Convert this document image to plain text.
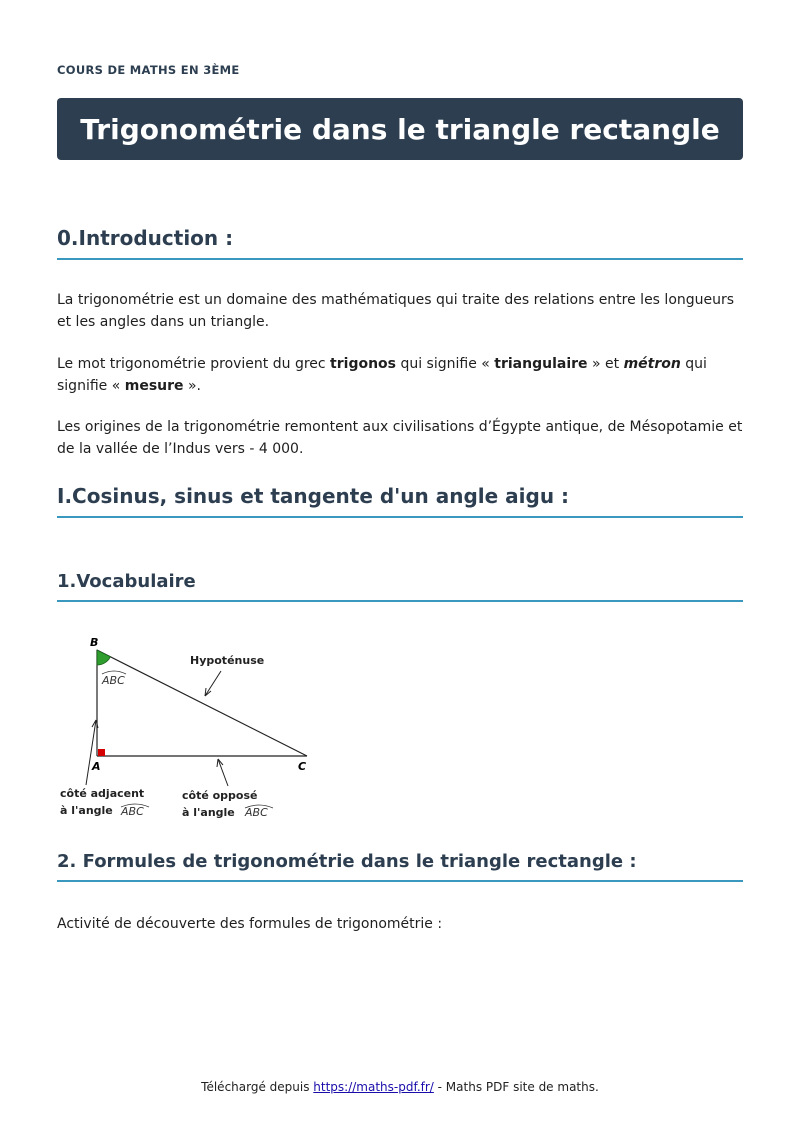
COURS DE MATHS EN 3ÈME
Trigonométrie dans le triangle rectangle
0.Introduction :

La trigonométrie est un domaine des mathématiques qui traite des relations entre les longueurs et les angles dans un triangle.

Le mot trigonométrie provient du grec trigonos qui signifie « triangulaire » et métron qui signifie « mesure ».

Les origines de la trigonométrie remontent aux civilisations d’Égypte antique, de Mésopotamie et de la vallée de l’Indus vers - 4 000.

I.Cosinus, sinus et tangente d'un angle aigu :
1.Vocabulaire
B
A	C
ABC
Hypoténuse
côté adjacent
à l'angle ABC
côté opposé
à l'angle ABC
2. Formules de trigonométrie dans le triangle rectangle :

Activité de découverte des formules de trigonométrie :

Téléchargé depuis https://maths-pdf.fr/ - Maths PDF site de maths.
